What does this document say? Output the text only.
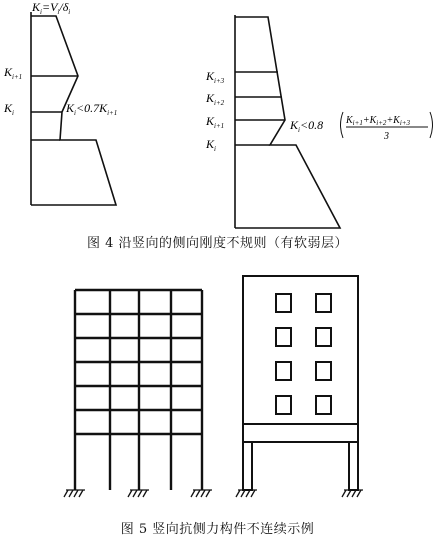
$K_i=V_i/\delta_i$
$K_{i+1}$
$K_i$	$K_i<0.7K_{i+1}$
$K_{i+3}$
$K_{i+2}$
$K_{i+1}$
$K_i$
$K_i<0.8$ $K_{i+1}+K_{i+2}+K_{i+3}$
3
图 4 沿竖向的侧向刚度不规则（有软弱层）
图 5 竖向抗侧力构件不连续示例
